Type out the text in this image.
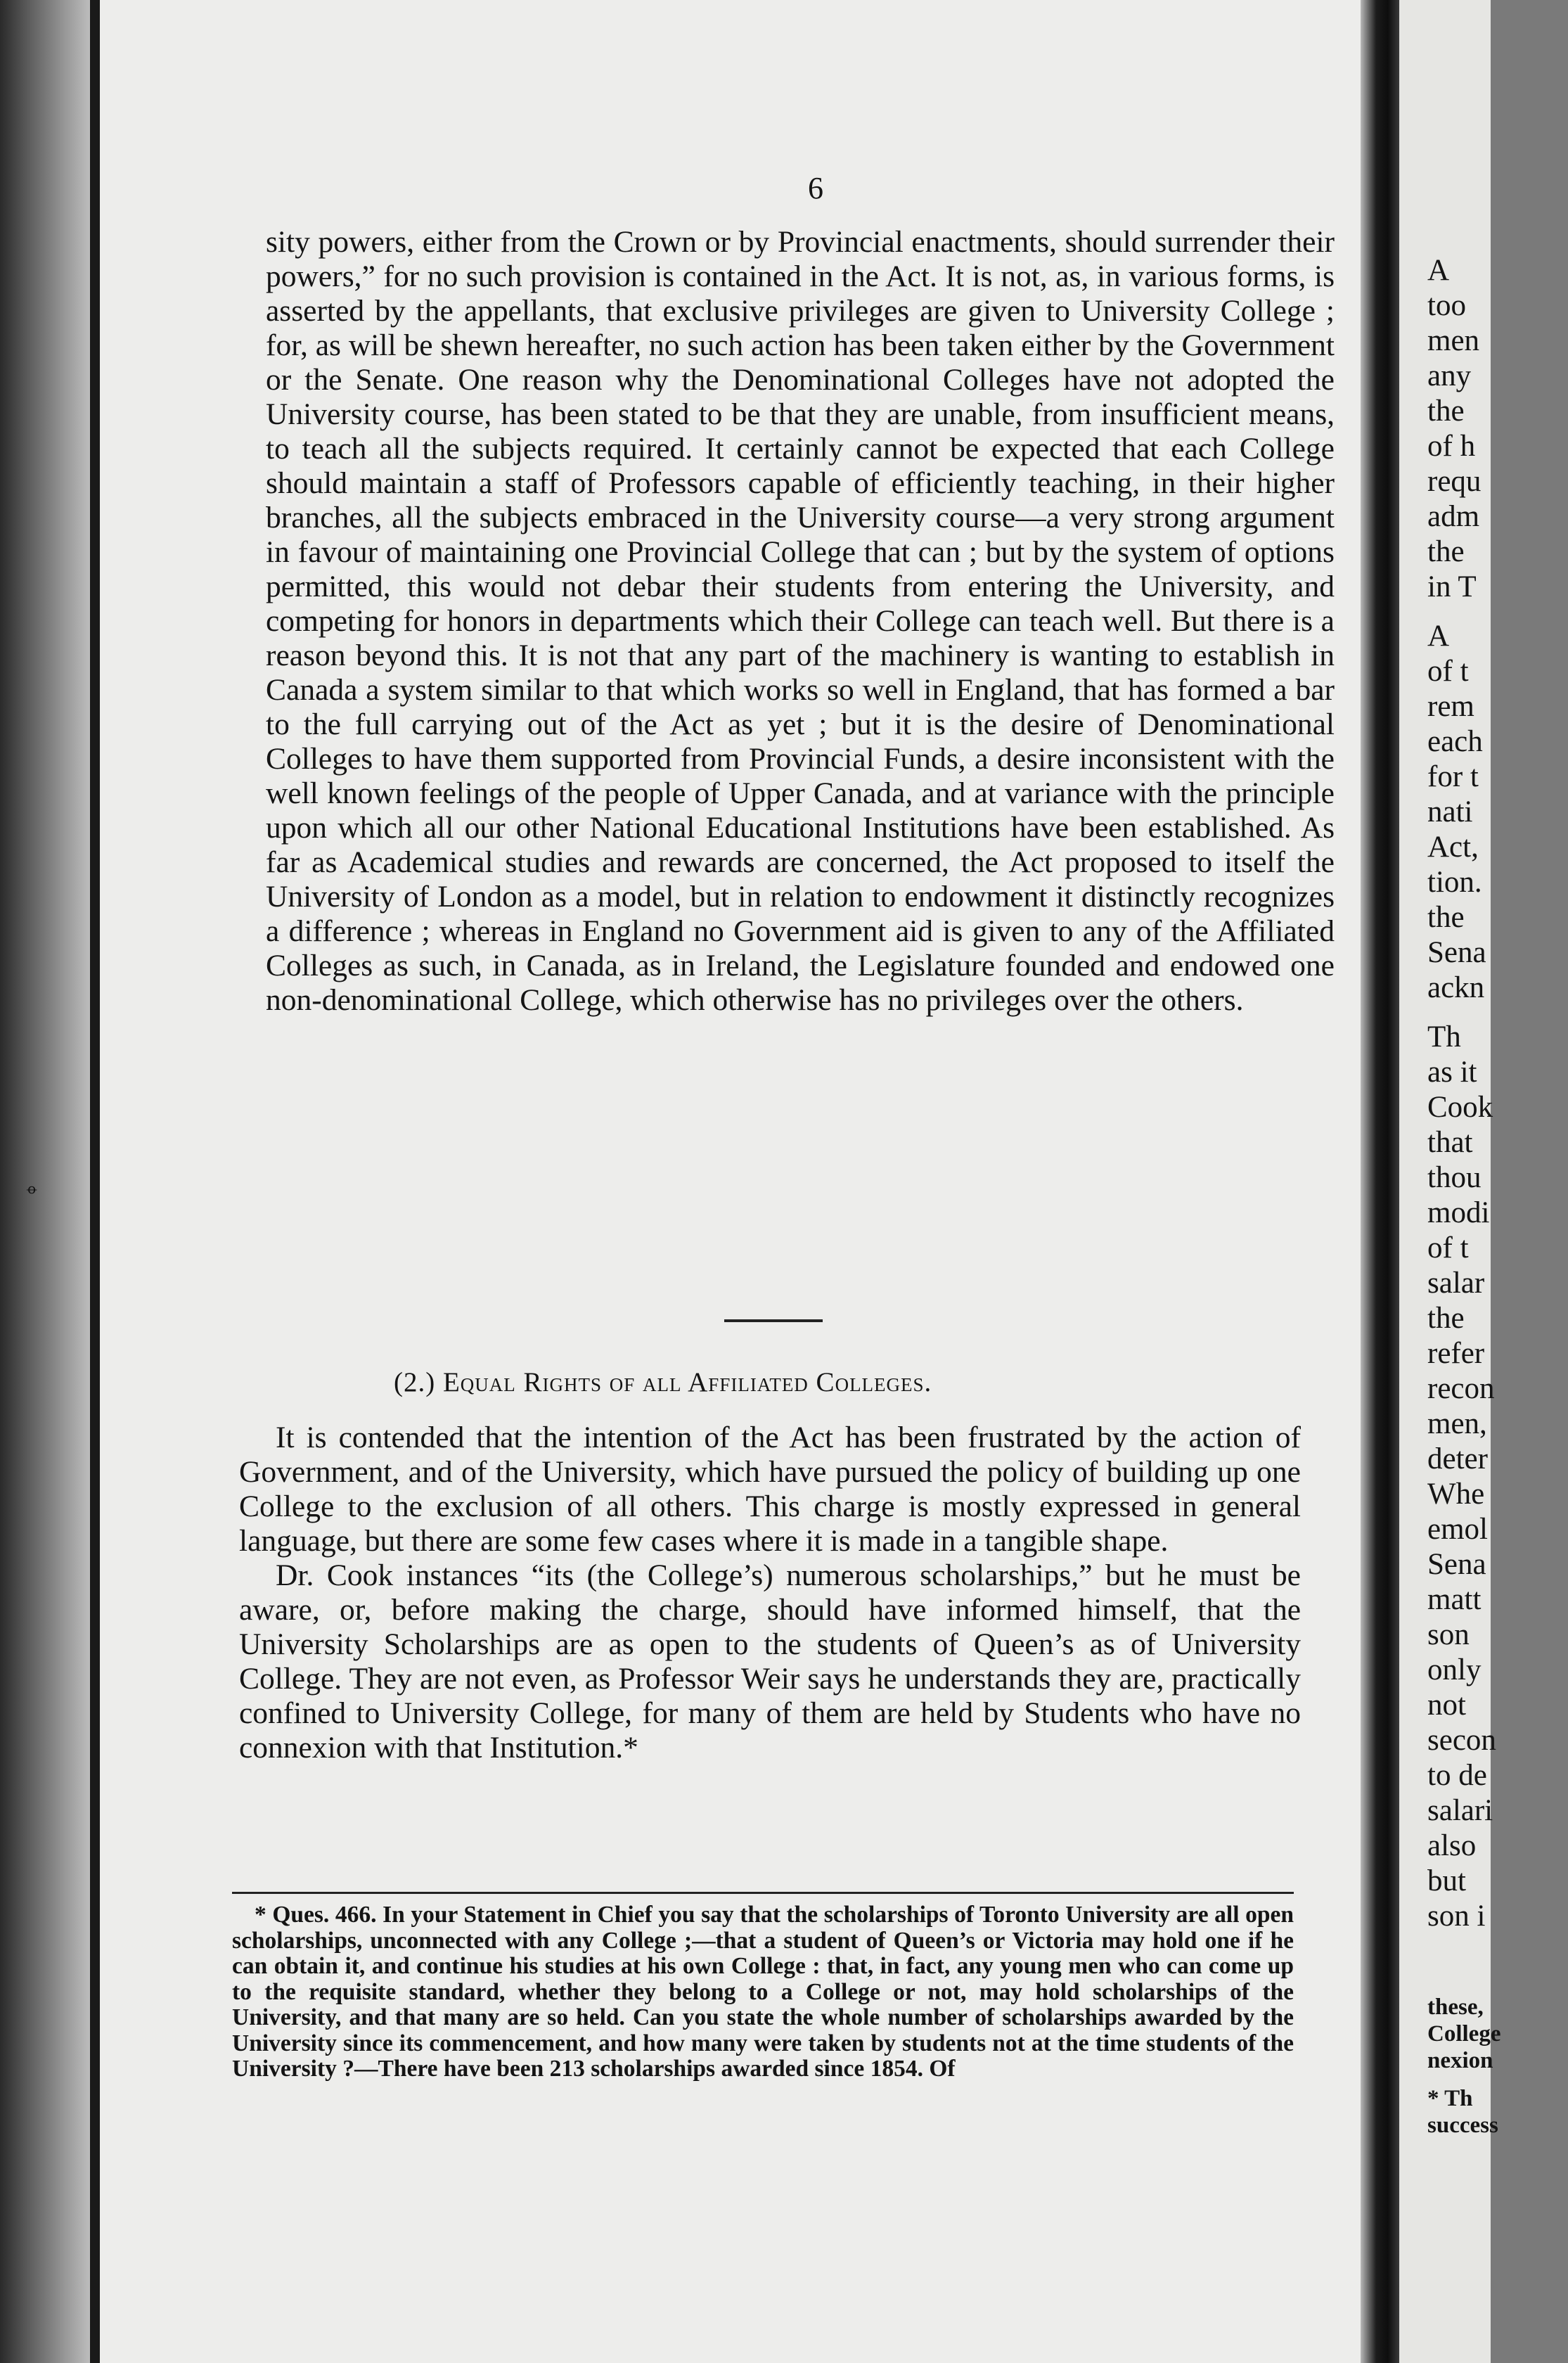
ꝋ
6

sity powers, either from the Crown or by Provincial enactments, should surrender their powers,” for no such provision is contained in the Act. It is not, as, in various forms, is asserted by the appellants, that exclusive privileges are given to University College ; for, as will be shewn hereafter, no such action has been taken either by the Government or the Senate. One reason why the Denominational Colleges have not adopted the University course, has been stated to be that they are unable, from insufficient means, to teach all the subjects required. It certainly cannot be expected that each College should maintain a staff of Professors capable of efficiently teaching, in their higher branches, all the subjects embraced in the University course—a very strong argument in favour of maintaining one Provincial College that can ; but by the system of options permitted, this would not debar their students from entering the University, and competing for honors in departments which their College can teach well. But there is a reason beyond this. It is not that any part of the machinery is wanting to establish in Canada a system similar to that which works so well in England, that has formed a bar to the full carrying out of the Act as yet ; but it is the desire of Denominational Colleges to have them supported from Provincial Funds, a desire inconsistent with the well known feelings of the people of Upper Canada, and at variance with the principle upon which all our other National Educational Institutions have been established. As far as Academical studies and rewards are concerned, the Act proposed to itself the University of London as a model, but in relation to endowment it distinctly recognizes a difference ; whereas in England no Government aid is given to any of the Affiliated Colleges as such, in Canada, as in Ireland, the Legislature founded and endowed one non-denominational College, which otherwise has no privileges over the others.

(2.) Equal Rights of all Affiliated Colleges.

It is contended that the intention of the Act has been frustrated by the action of Government, and of the University, which have pursued the policy of building up one College to the exclusion of all others. This charge is mostly expressed in general language, but there are some few cases where it is made in a tangible shape.

Dr. Cook instances “its (the College’s) numerous scholarships,” but he must be aware, or, before making the charge, should have informed himself, that the University Scholarships are as open to the students of Queen’s as of University College. They are not even, as Professor Weir says he understands they are, practically confined to University College, for many of them are held by Students who have no connexion with that Institution.*

* Ques. 466. In your Statement in Chief you say that the scholarships of Toronto University are all open scholarships, unconnected with any College ;—that a student of Queen’s or Victoria may hold one if he can obtain it, and continue his studies at his own College : that, in fact, any young men who can come up to the requisite standard, whether they belong to a College or not, may hold scholarships of the University, and that many are so held. Can you state the whole number of scholarships awarded by the University since its commencement, and how many were taken by students not at the time students of the University ?—There have been 213 scholarships awarded since 1854. Of

A
too
men
any
the
of h
requ
adm
the
in T
A
of t
rem
each
for t
nati
Act,
tion.
the
Sena
ackn
Th
as it
Cook
that
thou
modi
of t
salar
the
refer
recon
men,
deter
Whe
emol
Sena
matt
son
only
not
secon
to de
salari
also
but
son i
these,
College
nexion
* Th
success
